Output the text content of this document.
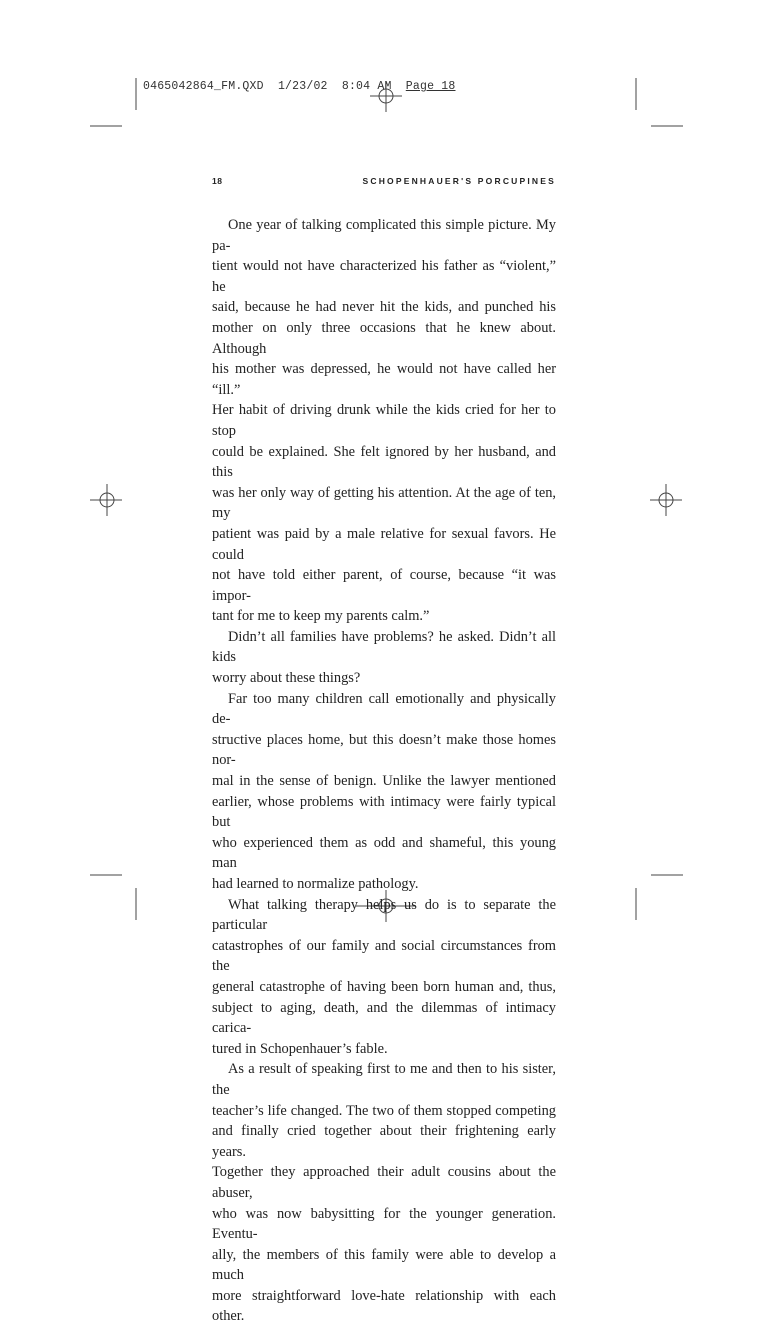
0465042864_FM.QXD 1/23/02 8:04 AM Page 18
18	SCHOPENHAUER'S PORCUPINES

One year of talking complicated this simple picture. My pa-
tient would not have characterized his father as “violent,” he
said, because he had never hit the kids, and punched his
mother on only three occasions that he knew about. Although
his mother was depressed, he would not have called her “ill.”
Her habit of driving drunk while the kids cried for her to stop
could be explained. She felt ignored by her husband, and this
was her only way of getting his attention. At the age of ten, my
patient was paid by a male relative for sexual favors. He could
not have told either parent, of course, because “it was impor-
tant for me to keep my parents calm.”

Didn’t all families have problems? he asked. Didn’t all kids
worry about these things?

Far too many children call emotionally and physically de-
structive places home, but this doesn’t make those homes nor-
mal in the sense of benign. Unlike the lawyer mentioned
earlier, whose problems with intimacy were fairly typical but
who experienced them as odd and shameful, this young man
had learned to normalize pathology.

What talking therapy helps us do is to separate the particular
catastrophes of our family and social circumstances from the
general catastrophe of having been born human and, thus,
subject to aging, death, and the dilemmas of intimacy carica-
tured in Schopenhauer’s fable.

As a result of speaking first to me and then to his sister, the
teacher’s life changed. The two of them stopped competing
and finally cried together about their frightening early years.
Together they approached their adult cousins about the abuser,
who was now babysitting for the younger generation. Eventu-
ally, the members of this family were able to develop a much
more straightforward love-hate relationship with each other.
